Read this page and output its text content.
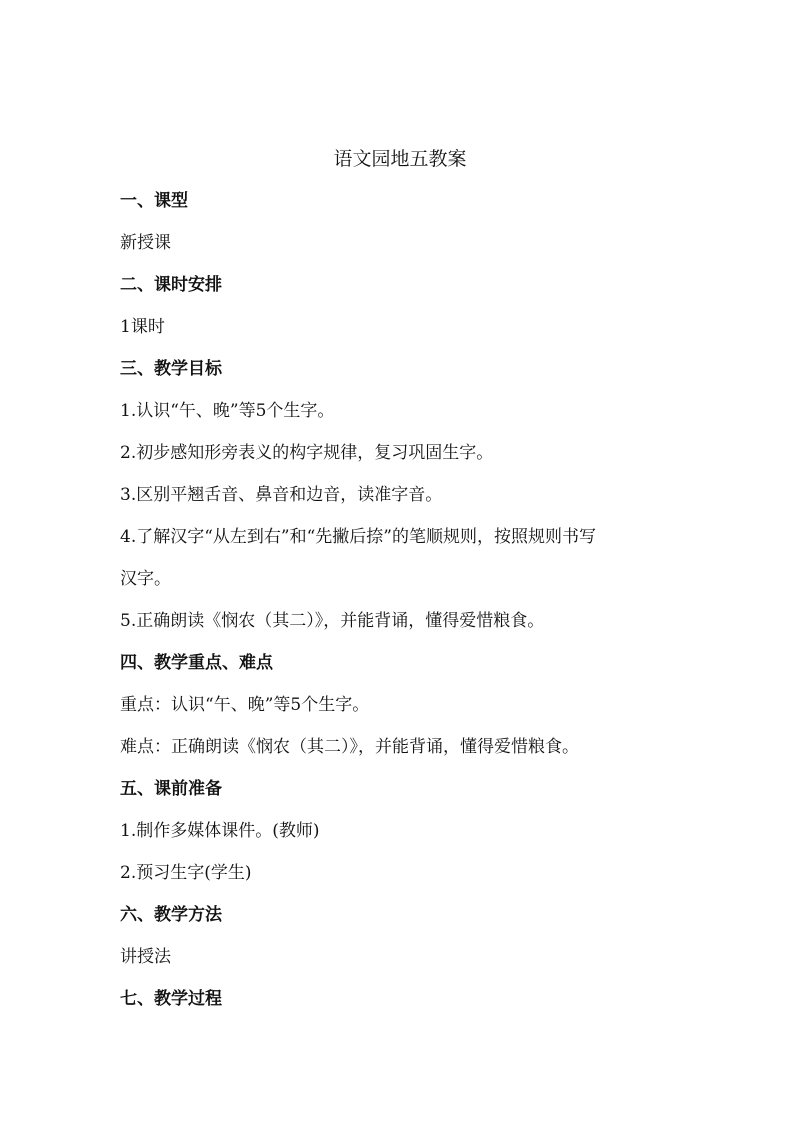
语文园地五教案
一、课型
新授课
二、课时安排
1课时
三、教学目标
1.认识“午、晚”等5个生字。
2.初步感知形旁表义的构字规律，复习巩固生字。
3.区别平翘舌音、鼻音和边音，读准字音。
4.了解汉字“从左到右”和“先撇后捺”的笔顺规则，按照规则书写
汉字。
5.正确朗读《悯农（其二）》，并能背诵，懂得爱惜粮食。
四、教学重点、难点
重点：认识“午、晚”等5个生字。
难点：正确朗读《悯农（其二）》，并能背诵，懂得爱惜粮食。
五、课前准备
1.制作多媒体课件。(教师)
2.预习生字(学生)
六、教学方法
讲授法
七、教学过程
